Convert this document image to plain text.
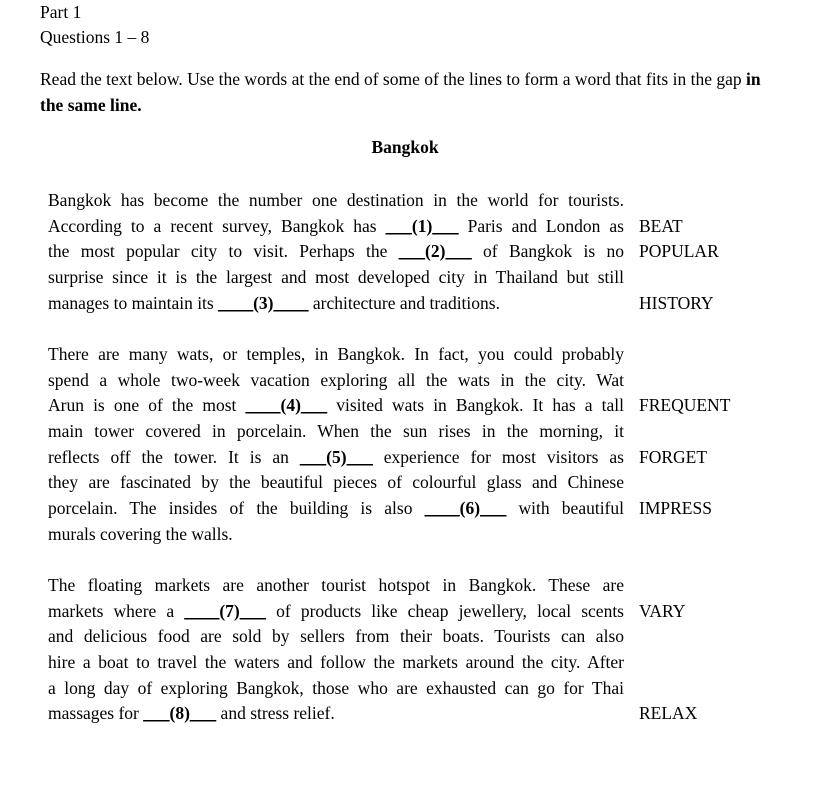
Part 1
Questions 1 – 8
Read the text below. Use the words at the end of some of the lines to form a word that fits in the gap in the same line.
Bangkok
Bangkok has become the number one destination in the world for tourists.
According to a recent survey, Bangkok has ___(1)___ Paris and London as BEAT
the most popular city to visit. Perhaps the ___(2)___ of Bangkok is no POPULAR
surprise since it is the largest and most developed city in Thailand but still
manages to maintain its ____(3)____ architecture and traditions.	HISTORY
There are many wats, or temples, in Bangkok. In fact, you could probably
spend a whole two-week vacation exploring all the wats in the city. Wat
Arun is one of the most ____(4)___ visited wats in Bangkok. It has a tall FREQUENT
main tower covered in porcelain. When the sun rises in the morning, it
reflects off the tower. It is an ___(5)___ experience for most visitors as FORGET
they are fascinated by the beautiful pieces of colourful glass and Chinese
porcelain. The insides of the building is also ____(6)___ with beautiful IMPRESS
murals covering the walls.
The floating markets are another tourist hotspot in Bangkok. These are
markets where a ____(7)___ of products like cheap jewellery, local scents VARY
and delicious food are sold by sellers from their boats. Tourists can also
hire a boat to travel the waters and follow the markets around the city. After
a long day of exploring Bangkok, those who are exhausted can go for Thai
massages for ___(8)___ and stress relief.	RELAX
